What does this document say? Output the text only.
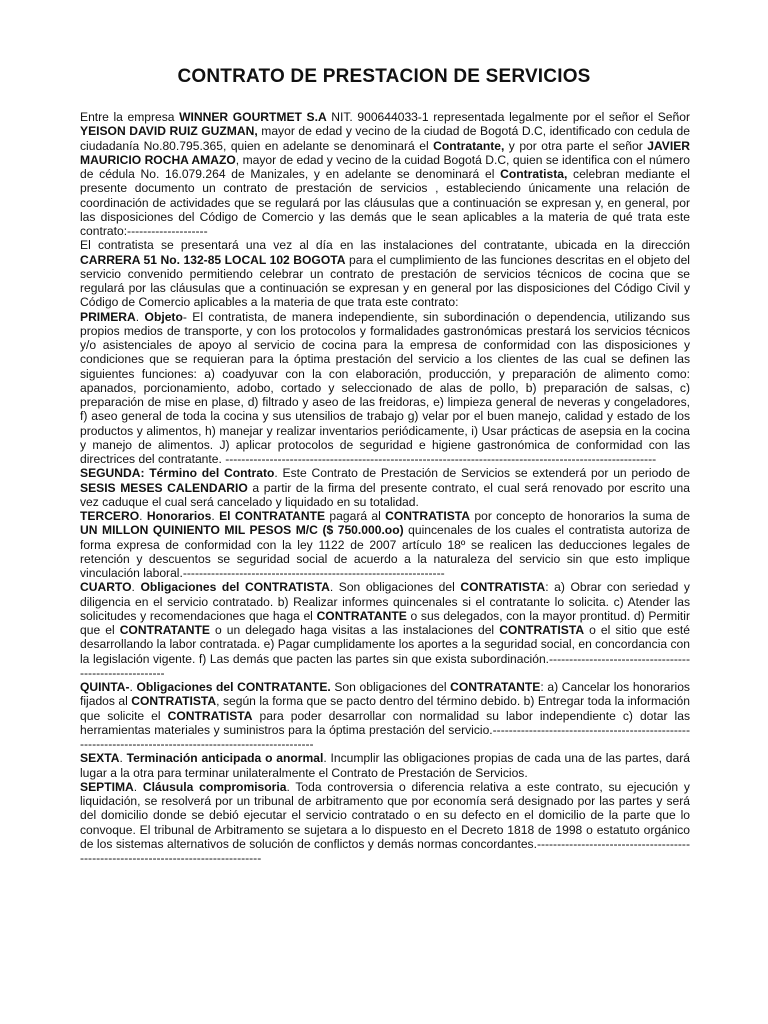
CONTRATO DE PRESTACION DE SERVICIOS

Entre la empresa WINNER GOURTMET S.A NIT. 900644033-1 representada legalmente por el señor el Señor YEISON DAVID RUIZ GUZMAN, mayor de edad y vecino de la ciudad de Bogotá D.C, identificado con cedula de ciudadanía No.80.795.365, quien en adelante se denominará el Contratante, y por otra parte el señor JAVIER MAURICIO ROCHA AMAZO, mayor de edad y vecino de la cuidad Bogotá D.C, quien se identifica con el número de cédula No. 16.079.264 de Manizales, y en adelante se denominará el Contratista, celebran mediante el presente documento un contrato de prestación de servicios , estableciendo únicamente una relación de coordinación de actividades que se regulará por las cláusulas que a continuación se expresan y, en general, por las disposiciones del Código de Comercio y las demás que le sean aplicables a la materia de qué trata este contrato:--------------------

El contratista se presentará una vez al día en las instalaciones del contratante, ubicada en la dirección CARRERA 51 No. 132-85 LOCAL 102 BOGOTA para el cumplimiento de las funciones descritas en el objeto del servicio convenido permitiendo celebrar un contrato de prestación de servicios técnicos de cocina que se regulará por las cláusulas que a continuación se expresan y en general por las disposiciones del Código Civil y Código de Comercio aplicables a la materia de que trata este contrato:

PRIMERA. Objeto- El contratista, de manera independiente, sin subordinación o dependencia, utilizando sus propios medios de transporte, y con los protocolos y formalidades gastronómicas prestará los servicios técnicos y/o asistenciales de apoyo al servicio de cocina para la empresa de conformidad con las disposiciones y condiciones que se requieran para la óptima prestación del servicio a los clientes de las cual se definen las siguientes funciones: a) coadyuvar con la con elaboración, producción, y preparación de alimento como: apanados, porcionamiento, adobo, cortado y seleccionado de alas de pollo, b) preparación de salsas, c) preparación de mise en plase, d) filtrado y aseo de las freidoras, e) limpieza general de neveras y congeladores, f) aseo general de toda la cocina y sus utensilios de trabajo g) velar por el buen manejo, calidad y estado de los productos y alimentos, h) manejar y realizar inventarios periódicamente, i) Usar prácticas de asepsia en la cocina y manejo de alimentos. J) aplicar protocolos de seguridad e higiene gastronómica de conformidad con las directrices del contratante. -----------------------------------------------------------------------------------------------------------

SEGUNDA: Término del Contrato. Este Contrato de Prestación de Servicios se extenderá por un periodo de SESIS MESES CALENDARIO a partir de la firma del presente contrato, el cual será renovado por escrito una vez caduque el cual será cancelado y liquidado en su totalidad.

TERCERO. Honorarios. El CONTRATANTE pagará al CONTRATISTA por concepto de honorarios la suma de UN MILLON QUINIENTO MIL PESOS M/C ($ 750.000.oo) quincenales de los cuales el contratista autoriza de forma expresa de conformidad con la ley 1122 de 2007 artículo 18º se realicen las deducciones legales de retención y descuentos se seguridad social de acuerdo a la naturaleza del servicio sin que esto implique vinculación laboral.-----------------------------------------------------------------

CUARTO. Obligaciones del CONTRATISTA. Son obligaciones del CONTRATISTA: a) Obrar con seriedad y diligencia en el servicio contratado. b) Realizar informes quincenales si el contratante lo solicita. c) Atender las solicitudes y recomendaciones que haga el CONTRATANTE o sus delegados, con la mayor prontitud. d) Permitir que el CONTRATANTE o un delegado haga visitas a las instalaciones del CONTRATISTA o el sitio que esté desarrollando la labor contratada. e) Pagar cumplidamente los aportes a la seguridad social, en concordancia con la legislación vigente. f) Las demás que pacten las partes sin que exista subordinación.--------------------------------------------------------

QUINTA-. Obligaciones del CONTRATANTE. Son obligaciones del CONTRATANTE: a) Cancelar los honorarios fijados al CONTRATISTA, según la forma que se pacto dentro del término debido. b) Entregar toda la información que solicite el CONTRATISTA para poder desarrollar con normalidad su labor independiente c) dotar las herramientas materiales y suministros para la óptima prestación del servicio.-----------------------------------------------------------------------------------------------------------

SEXTA. Terminación anticipada o anormal. Incumplir las obligaciones propias de cada una de las partes, dará lugar a la otra para terminar unilateralmente el Contrato de Prestación de Servicios.

SEPTIMA. Cláusula compromisoria. Toda controversia o diferencia relativa a este contrato, su ejecución y liquidación, se resolverá por un tribunal de arbitramento que por economía será designado por las partes y será del domicilio donde se debió ejecutar el servicio contratado o en su defecto en el domicilio de la parte que lo convoque. El tribunal de Arbitramento se sujetara a lo dispuesto en el Decreto 1818 de 1998 o estatuto orgánico de los sistemas alternativos de solución de conflictos y demás normas concordantes.-----------------------------------------------------------------------------------
